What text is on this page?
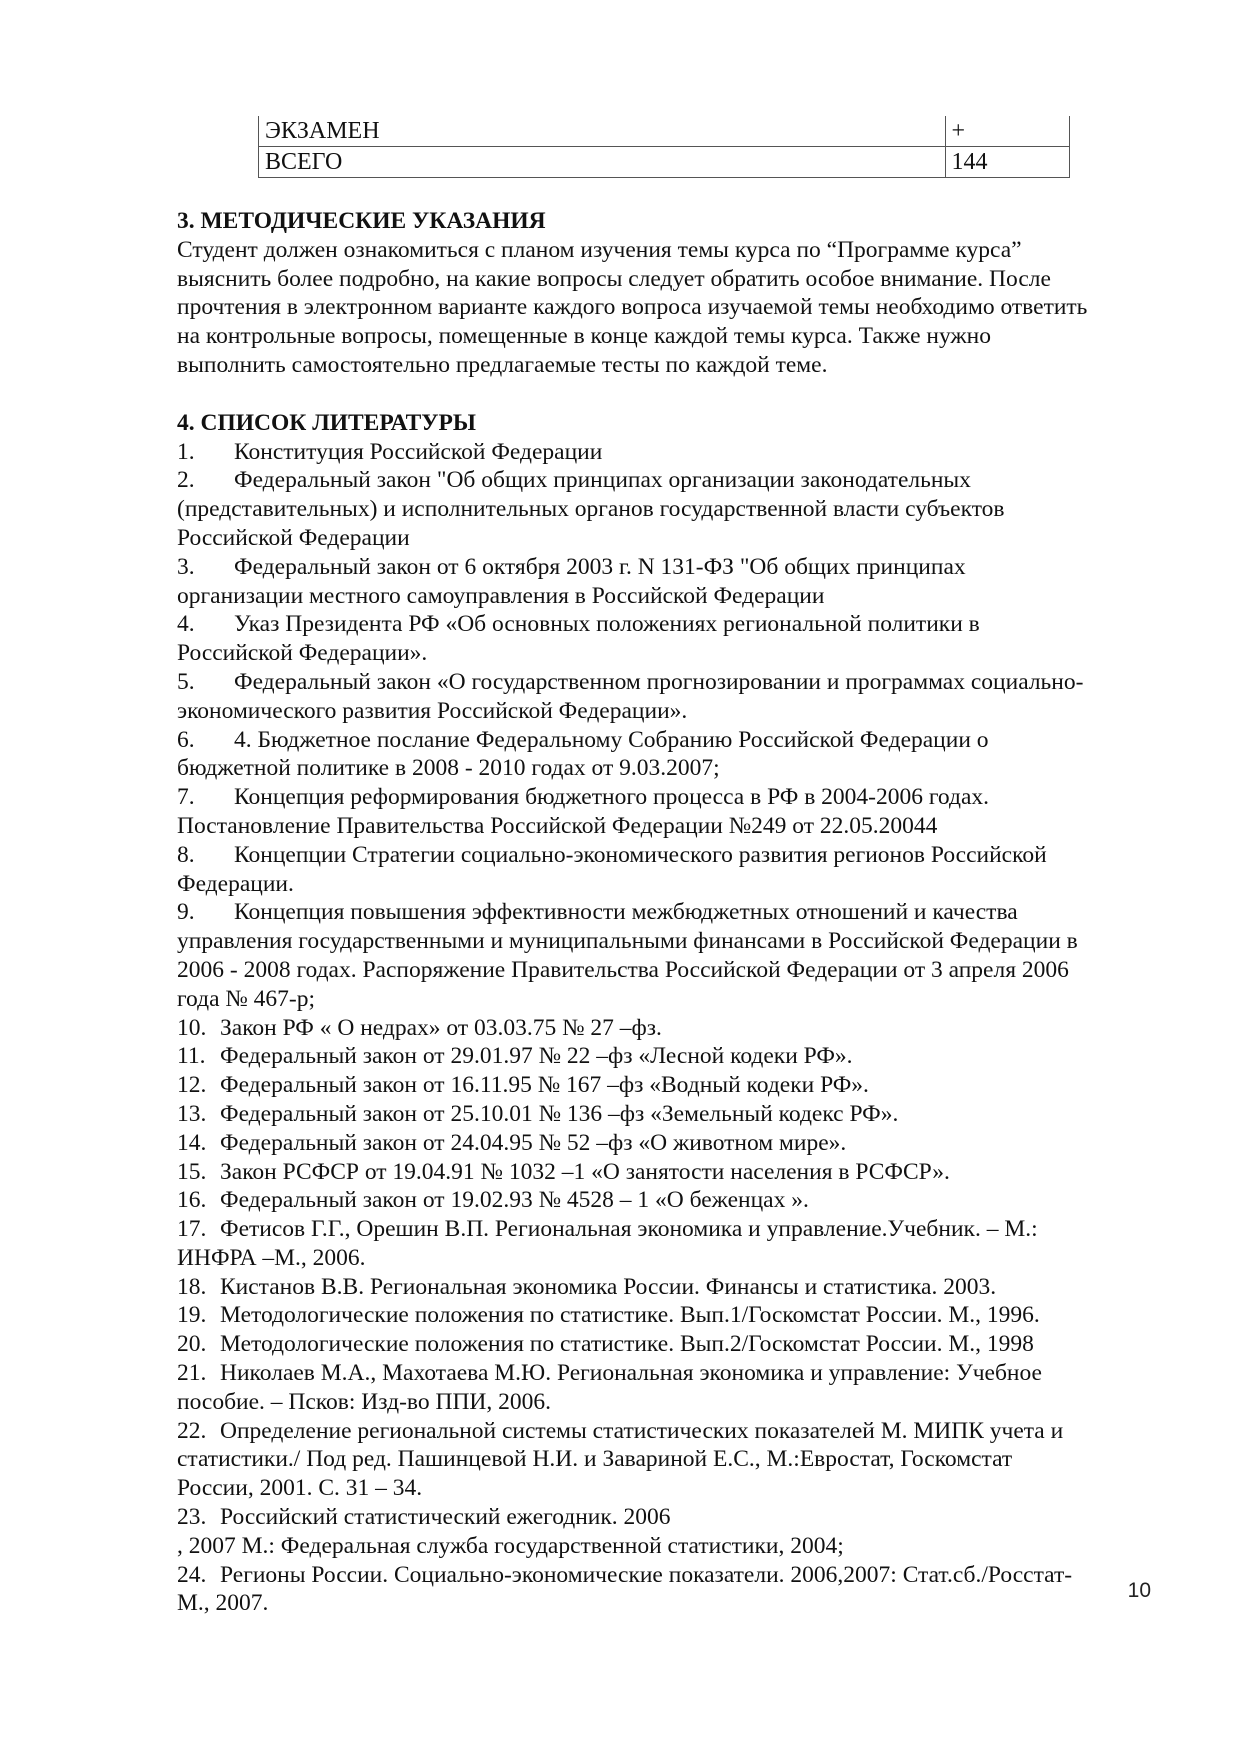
ЭКЗАМЕН	+
ВСЕГО	144
3. МЕТОДИЧЕСКИЕ УКАЗАНИЯ
Студент должен ознакомиться с планом изучения темы курса по “Программе курса”
выяснить более подробно, на какие вопросы следует обратить особое внимание. После
прочтения в электронном варианте каждого вопроса изучаемой темы необходимо ответить
на контрольные вопросы, помещенные в конце каждой темы курса. Также нужно
выполнить самостоятельно предлагаемые тесты по каждой теме.
4. СПИСОК ЛИТЕРАТУРЫ
1. Конституция Российской Федерации
2. Федеральный закон "Об общих принципах организации законодательных
(представительных) и исполнительных органов государственной власти субъектов
Российской Федерации
3. Федеральный закон от 6 октября 2003 г. N 131-ФЗ "Об общих принципах
организации местного самоуправления в Российской Федерации
4. Указ Президента РФ «Об основных положениях региональной политики в
Российской Федерации».
5. Федеральный закон «О государственном прогнозировании и программах социально-
экономического развития Российской Федерации».
6. 4. Бюджетное послание Федеральному Собранию Российской Федерации о
бюджетной политике в 2008 - 2010 годах от 9.03.2007;
7. Концепция реформирования бюджетного процесса в РФ в 2004-2006 годах.
Постановление Правительства Российской Федерации №249 от 22.05.20044
8. Концепции Стратегии социально-экономического развития регионов Российской
Федерации.
9. Концепция повышения эффективности межбюджетных отношений и качества
управления государственными и муниципальными финансами в Российской Федерации в
2006 - 2008 годах. Распоряжение Правительства Российской Федерации от 3 апреля 2006
года № 467-р;
10. Закон РФ « О недрах» от 03.03.75 № 27 –фз.
11. Федеральный закон от 29.01.97 № 22 –фз «Лесной кодеки РФ».
12. Федеральный закон от 16.11.95 № 167 –фз «Водный кодеки РФ».
13. Федеральный закон от 25.10.01 № 136 –фз «Земельный кодекс РФ».
14. Федеральный закон от 24.04.95 № 52 –фз «О животном мире».
15. Закон РСФСР от 19.04.91 № 1032 –1 «О занятости населения в РСФСР».
16. Федеральный закон от 19.02.93 № 4528 – 1 «О беженцах ».
17. Фетисов Г.Г., Орешин В.П. Региональная экономика и управление.Учебник. – М.:
ИНФРА –М., 2006.
18. Кистанов В.В. Региональная экономика России. Финансы и статистика. 2003.
19. Методологические положения по статистике. Вып.1/Госкомстат России. М., 1996.
20. Методологические положения по статистике. Вып.2/Госкомстат России. М., 1998
21. Николаев М.А., Махотаева М.Ю. Региональная экономика и управление: Учебное
пособие. – Псков: Изд-во ППИ, 2006.
22. Определение региональной системы статистических показателей М. МИПК учета и
статистики./ Под ред. Пашинцевой Н.И. и Завариной Е.С., М.:Евростат, Госкомстат
России, 2001. С. 31 – 34.
23. Российский статистический ежегодник. 2006
, 2007 М.: Федеральная служба государственной статистики, 2004;
24. Регионы России. Социально-экономические показатели. 2006,2007: Стат.сб./Росстат-
М., 2007.	10
